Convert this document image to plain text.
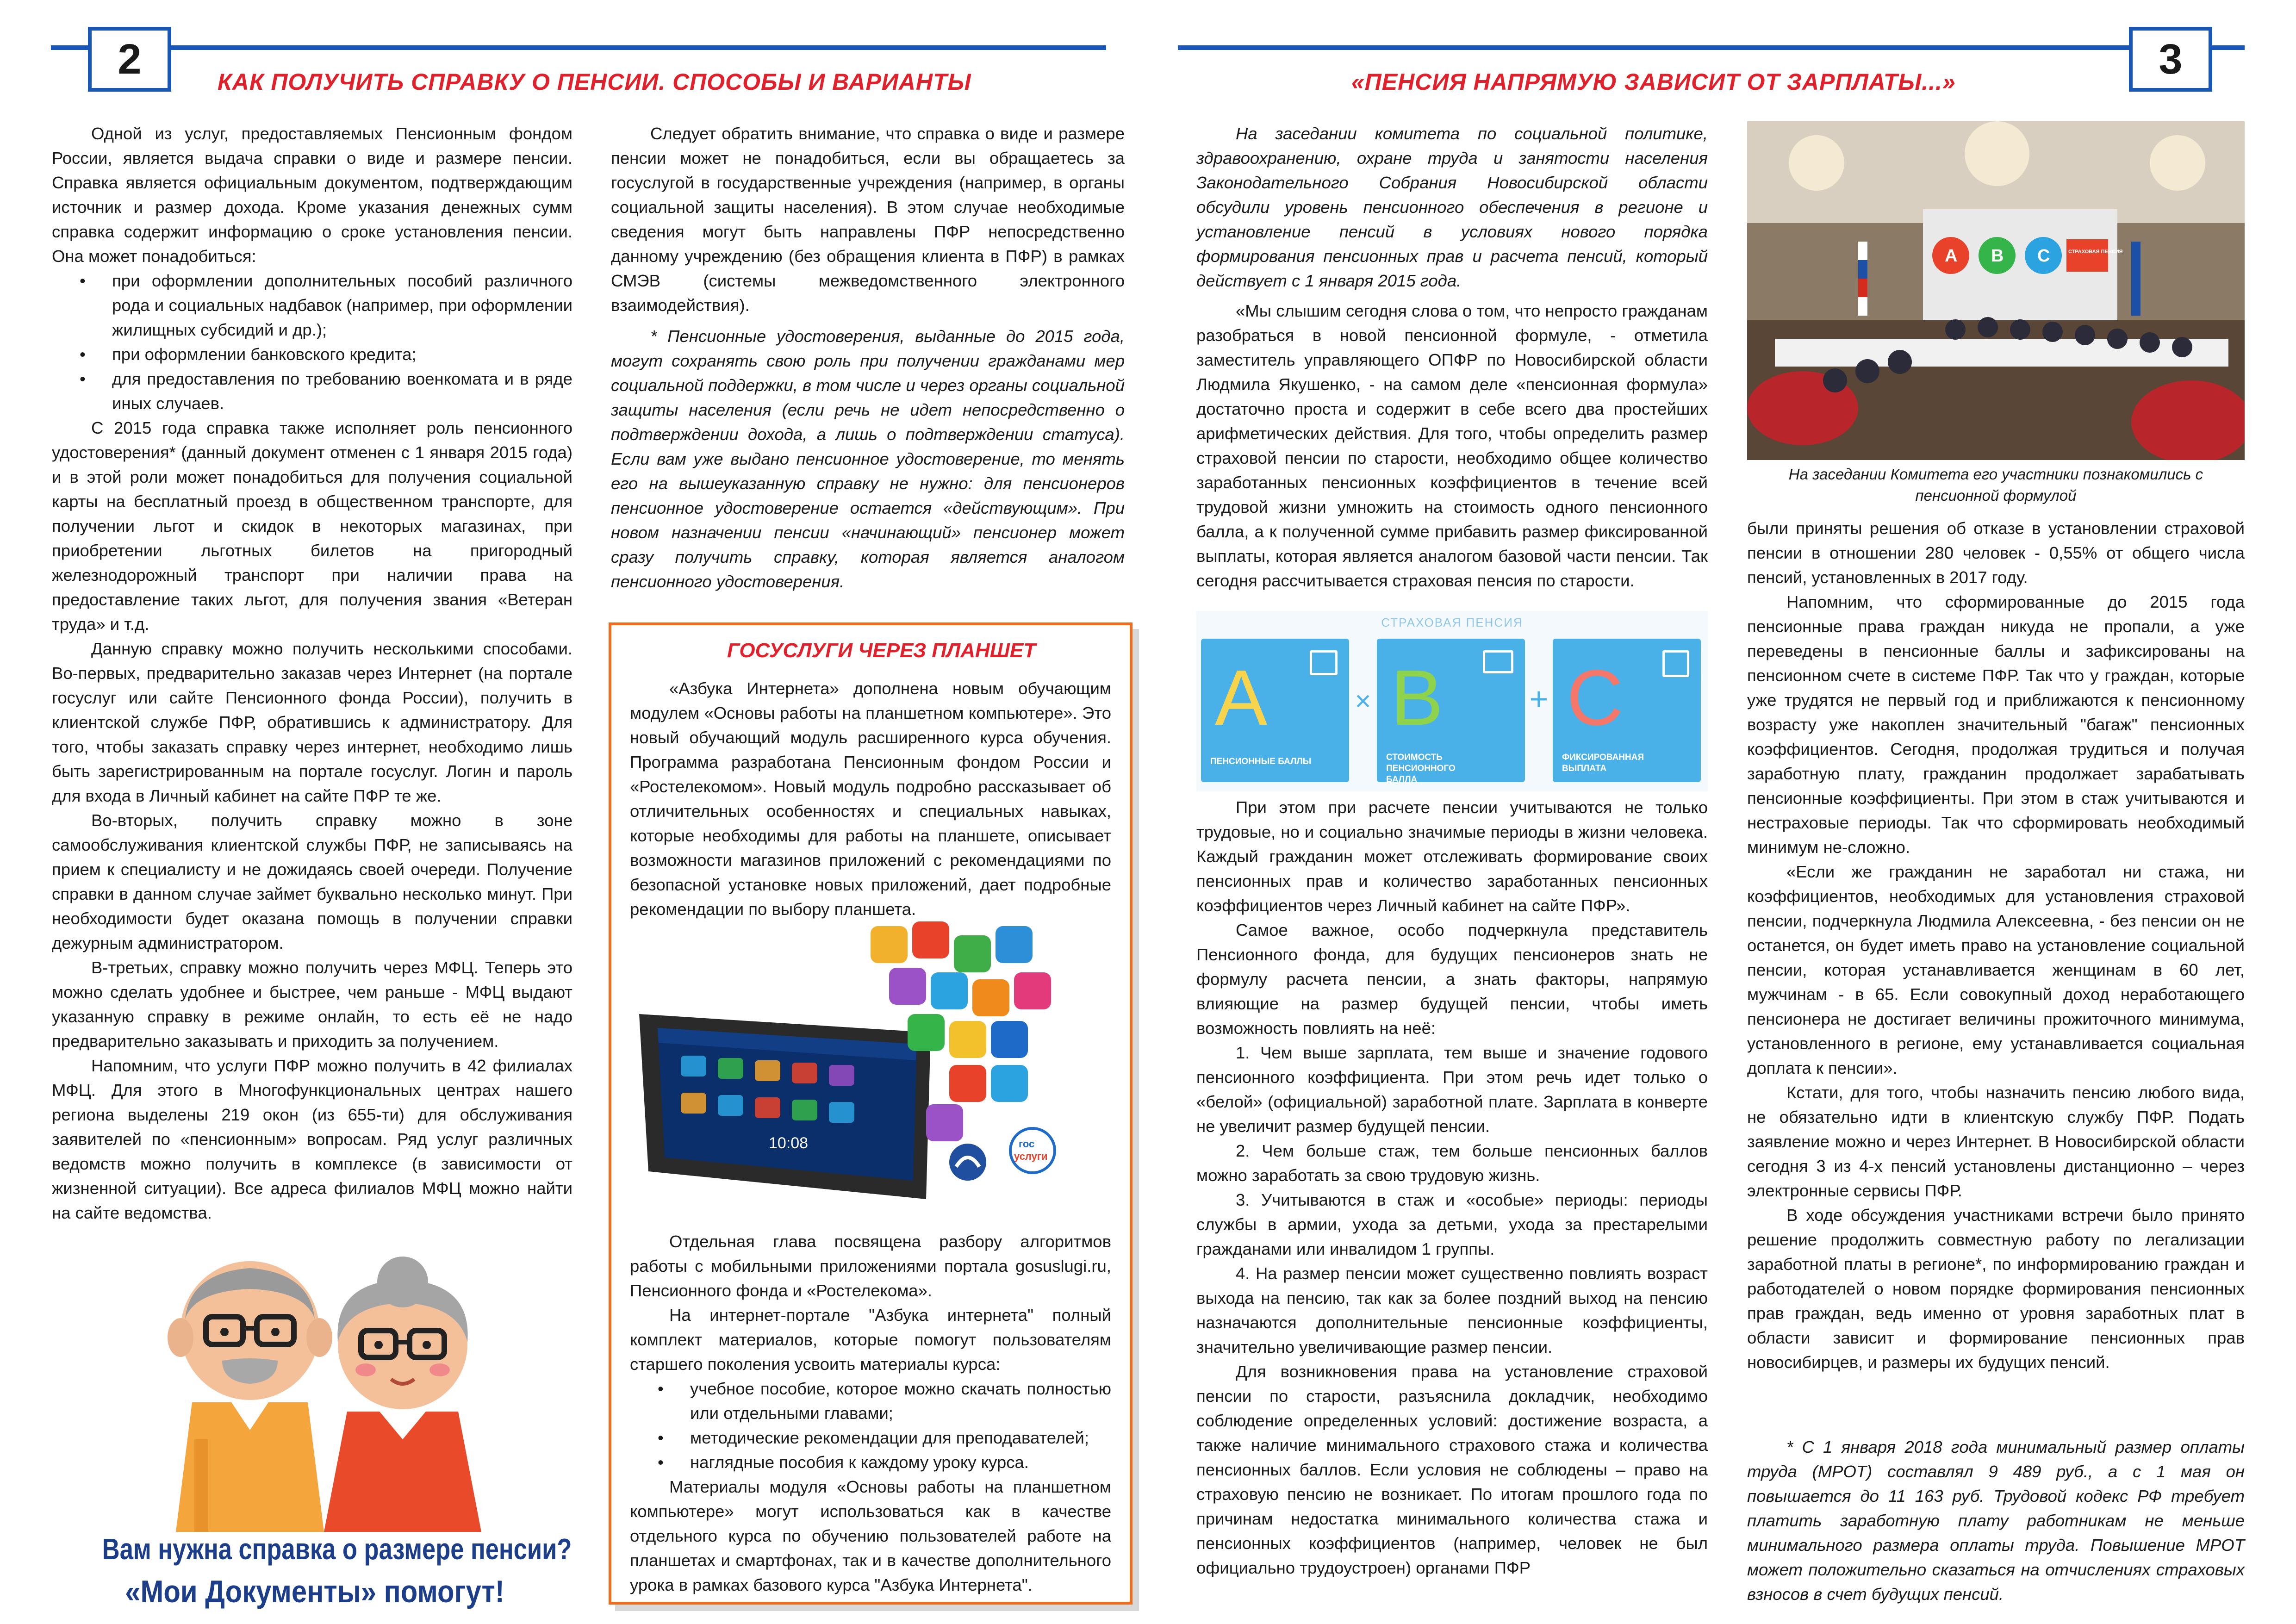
2	КАК ПОЛУЧИТЬ СПРАВКУ О ПЕНСИИ. СПОСОБЫ И ВАРИАНТЫ

Одной из услуг, предоставляемых Пенсионным фондом России, является выдача справки о виде и размере пенсии. Справка является официальным документом, подтверждающим источник и размер дохода. Кроме указания денежных сумм справка содержит информацию о сроке установления пенсии. Она может понадобиться:

• при оформлении дополнительных пособий различного рода и социальных надбавок (например, при оформлении жилищных субсидий и др.);
• при оформлении банковского кредита;
• для предоставления по требованию военкомата и в ряде иных случаев.

С 2015 года справка также исполняет роль пенсионного удостоверения* (данный документ отменен с 1 января 2015 года) и в этой роли может понадобиться для получения социальной карты на бесплатный проезд в общественном транспорте, для получении льгот и скидок в некоторых магазинах, при приобретении льготных билетов на пригородный железнодорожный транспорт при наличии права на предоставление таких льгот, для получения звания «Ветеран труда» и т.д.

Данную справку можно получить несколькими способами. Во-первых, предварительно заказав через Интернет (на портале госуслуг или сайте Пенсионного фонда России), получить в клиентской службе ПФР, обратившись к администратору. Для того, чтобы заказать справку через интернет, необходимо лишь быть зарегистрированным на портале госуслуг. Логин и пароль для входа в Личный кабинет на сайте ПФР те же.

Во-вторых, получить справку можно в зоне самообслуживания клиентской службы ПФР, не записываясь на прием к специалисту и не дожидаясь своей очереди. Получение справки в данном случае займет буквально несколько минут. При необходимости будет оказана помощь в получении справки дежурным администратором.

В-третьих, справку можно получить через МФЦ. Теперь это можно сделать удобнее и быстрее, чем раньше - МФЦ выдают указанную справку в режиме онлайн, то есть её не надо предварительно заказывать и приходить за получением.

Напомним, что услуги ПФР можно получить в 42 филиалах МФЦ. Для этого в Многофункциональных центрах нашего региона выделены 219 окон (из 655-ти) для обслуживания заявителей по «пенсионным» вопросам. Ряд услуг различных ведомств можно получить в комплексе (в зависимости от жизненной ситуации). Все адреса филиалов МФЦ можно найти на сайте ведомства.

Вам нужна справка о размере пенсии?
«Мои Документы» помогут!

Следует обратить внимание, что справка о виде и размере пенсии может не понадобиться, если вы обращаетесь за госуслугой в государственные учреждения (например, в органы социальной защиты населения). В этом случае необходимые сведения могут быть направлены ПФР непосредственно данному учреждению (без обращения клиента в ПФР) в рамках СМЭВ (системы межведомственного электронного взаимодействия).

* Пенсионные удостоверения, выданные до 2015 года, могут сохранять свою роль при получении гражданами мер социальной поддержки, в том числе и через органы социальной защиты населения (если речь не идет непосредственно о подтверждении дохода, а лишь о подтверждении статуса). Если вам уже выдано пенсионное удостоверение, то менять его на вышеуказанную справку не нужно: для пенсионеров пенсионное удостоверение остается «действующим». При новом назначении пенсии «начинающий» пенсионер может сразу получить справку, которая является аналогом пенсионного удостоверения.

ГОСУСЛУГИ ЧЕРЕЗ ПЛАНШЕТ

«Азбука Интернета» дополнена новым обучающим модулем «Основы работы на планшетном компьютере». Это новый обучающий модуль расширенного курса обучения. Программа разработана Пенсионным фондом России и «Ростелекомом». Новый модуль подробно рассказывает об отличительных особенностях и специальных навыках, которые необходимы для работы на планшете, описывает возможности магазинов приложений с рекомендациями по безопасной установке новых приложений, дает подробные рекомендации по выбору планшета.

10:08	гос
услуги

Отдельная глава посвящена разбору алгоритмов работы с мобильными приложениями портала gosuslugi.ru, Пенсионного фонда и «Ростелекома».

На интернет-портале "Азбука интернета" полный комплект материалов, которые помогут пользователям старшего поколения усвоить материалы курса:

• учебное пособие, которое можно скачать полностью или отдельными главами;
• методические рекомендации для преподавателей;
• наглядные пособия к каждому уроку курса.

Материалы модуля «Основы работы на планшетном компьютере» могут использоваться как в качестве отдельного курса по обучению пользователей работе на планшетах и смартфонах, так и в качестве дополнительного урока в рамках базового курса "Азбука Интернета".

3
«ПЕНСИЯ НАПРЯМУЮ ЗАВИСИТ ОТ ЗАРПЛАТЫ...»

На заседании комитета по социальной политике, здравоохранению, охране труда и занятости населения Законодательного Собрания Новосибирской области обсудили уровень пенсионного обеспечения в регионе и установление пенсий в условиях нового порядка формирования пенсионных прав и расчета пенсий, который действует с 1 января 2015 года.

«Мы слышим сегодня слова о том, что непросто гражданам разобраться в новой пенсионной формуле, - отметила заместитель управляющего ОПФР по Новосибирской области Людмила Якушенко, - на самом деле «пенсионная формула» достаточно проста и содержит в себе всего два простейших арифметических действия. Для того, чтобы определить размер страховой пенсии по старости, необходимо общее количество заработанных пенсионных коэффициентов в течение всей трудовой жизни умножить на стоимость одного пенсионного балла, а к полученной сумме прибавить размер фиксированной выплаты, которая является аналогом базовой части пенсии. Так сегодня рассчитывается страховая пенсия по старости.

СТРАХОВАЯ ПЕНСИЯ
A
ПЕНСИОННЫЕ БАЛЛЫ
× B
СТОИМОСТЬ ПЕНСИОННОГО БАЛЛА
+ C
ФИКСИРОВАННАЯ ВЫПЛАТА

При этом при расчете пенсии учитываются не только трудовые, но и социально значимые периоды в жизни человека. Каждый гражданин может отслеживать формирование своих пенсионных прав и количество заработанных пенсионных коэффициентов через Личный кабинет на сайте ПФР».

Самое важное, особо подчеркнула представитель Пенсионного фонда, для будущих пенсионеров знать не формулу расчета пенсии, а знать факторы, напрямую влияющие на размер будущей пенсии, чтобы иметь возможность повлиять на неё:

1. Чем выше зарплата, тем выше и значение годового пенсионного коэффициента. При этом речь идет только о «белой» (официальной) заработной плате. Зарплата в конверте не увеличит размер будущей пенсии.

2. Чем больше стаж, тем больше пенсионных баллов можно заработать за свою трудовую жизнь.

3. Учитываются в стаж и «особые» периоды: периоды службы в армии, ухода за детьми, ухода за престарелыми гражданами или инвалидом 1 группы.

4. На размер пенсии может существенно повлиять возраст выхода на пенсию, так как за более поздний выход на пенсию назначаются дополнительные пенсионные коэффициенты, значительно увеличивающие размер пенсии.

Для возникновения права на установление страховой пенсии по старости, разъяснила докладчик, необходимо соблюдение определенных условий: достижение возраста, а также наличие минимального страхового стажа и количества пенсионных баллов. Если условия не соблюдены – право на страховую пенсию не возникает. По итогам прошлого года по причинам недостатка минимального количества стажа и пенсионных коэффициентов (например, человек не был официально трудоустроен) органами ПФР

A B C	СТРАХОВАЯ ПЕНСИЯ
На заседании Комитета его участники познакомились с пенсионной формулой

были приняты решения об отказе в установлении страховой пенсии в отношении 280 человек - 0,55% от общего числа пенсий, установленных в 2017 году.

Напомним, что сформированные до 2015 года пенсионные права граждан никуда не пропали, а уже переведены в пенсионные баллы и зафиксированы на пенсионном счете в системе ПФР. Так что у граждан, которые уже трудятся не первый год и приближаются к пенсионному возрасту уже накоплен значительный "багаж" пенсионных коэффициентов. Сегодня, продолжая трудиться и получая заработную плату, гражданин продолжает зарабатывать пенсионные коэффициенты. При этом в стаж учитываются и нестраховые периоды. Так что сформировать необходимый минимум не-сложно.

«Если же гражданин не заработал ни стажа, ни коэффициентов, необходимых для установления страховой пенсии, подчеркнула Людмила Алексеевна, - без пенсии он не останется, он будет иметь право на установление социальной пенсии, которая устанавливается женщинам в 60 лет, мужчинам - в 65. Если совокупный доход неработающего пенсионера не достигает величины прожиточного минимума, установленного в регионе, ему устанавливается социальная доплата к пенсии».

Кстати, для того, чтобы назначить пенсию любого вида, не обязательно идти в клиентскую службу ПФР. Подать заявление можно и через Интернет. В Новосибирской области сегодня 3 из 4-х пенсий установлены дистанционно – через электронные сервисы ПФР.

В ходе обсуждения участниками встречи было принято решение продолжить совместную работу по легализации заработной платы в регионе*, по информированию граждан и работодателей о новом порядке формирования пенсионных прав граждан, ведь именно от уровня заработных плат в области зависит и формирование пенсионных прав новосибирцев, и размеры их будущих пенсий.

* С 1 января 2018 года минимальный размер оплаты труда (МРОТ) составлял 9 489 руб., а с 1 мая он повышается до 11 163 руб. Трудовой кодекс РФ требует платить заработную плату работникам не меньше минимального размера оплаты труда. Повышение МРОТ может положительно сказаться на отчислениях страховых взносов в счет будущих пенсий.
